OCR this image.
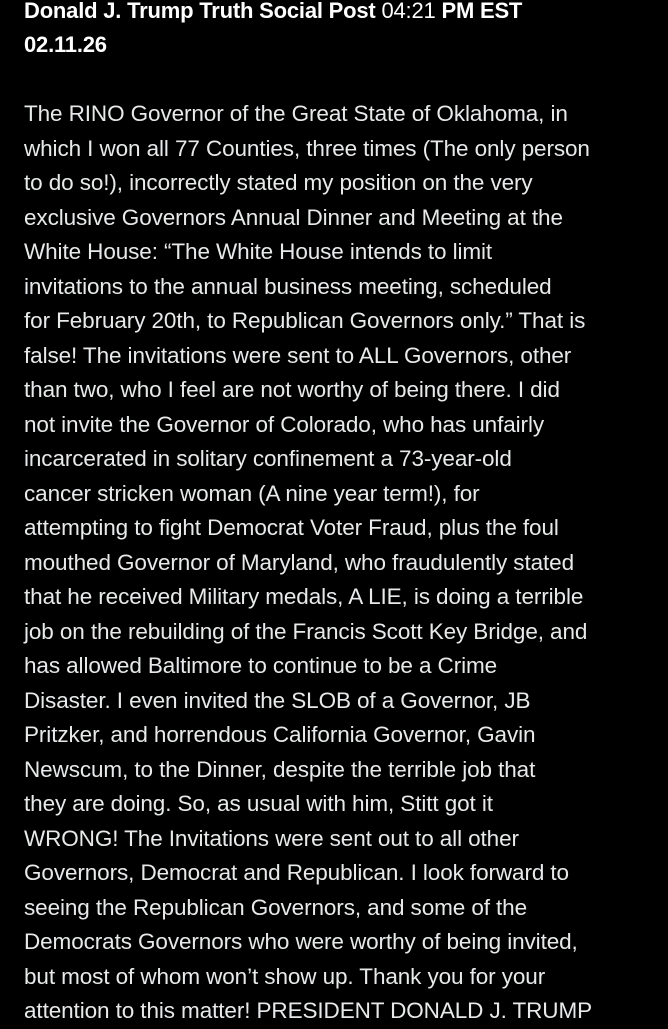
Donald J. Trump Truth Social Post 04:21 PM EST
02.11.26
The RINO Governor of the Great State of Oklahoma, in
which I won all 77 Counties, three times (The only person
to do so!), incorrectly stated my position on the very
exclusive Governors Annual Dinner and Meeting at the
White House: “The White House intends to limit
invitations to the annual business meeting, scheduled
for February 20th, to Republican Governors only.” That is
false! The invitations were sent to ALL Governors, other
than two, who I feel are not worthy of being there. I did
not invite the Governor of Colorado, who has unfairly
incarcerated in solitary confinement a 73-year-old
cancer stricken woman (A nine year term!), for
attempting to fight Democrat Voter Fraud, plus the foul
mouthed Governor of Maryland, who fraudulently stated
that he received Military medals, A LIE, is doing a terrible
job on the rebuilding of the Francis Scott Key Bridge, and
has allowed Baltimore to continue to be a Crime
Disaster. I even invited the SLOB of a Governor, JB
Pritzker, and horrendous California Governor, Gavin
Newscum, to the Dinner, despite the terrible job that
they are doing. So, as usual with him, Stitt got it
WRONG! The Invitations were sent out to all other
Governors, Democrat and Republican. I look forward to
seeing the Republican Governors, and some of the
Democrats Governors who were worthy of being invited,
but most of whom won’t show up. Thank you for your
attention to this matter! PRESIDENT DONALD J. TRUMP
